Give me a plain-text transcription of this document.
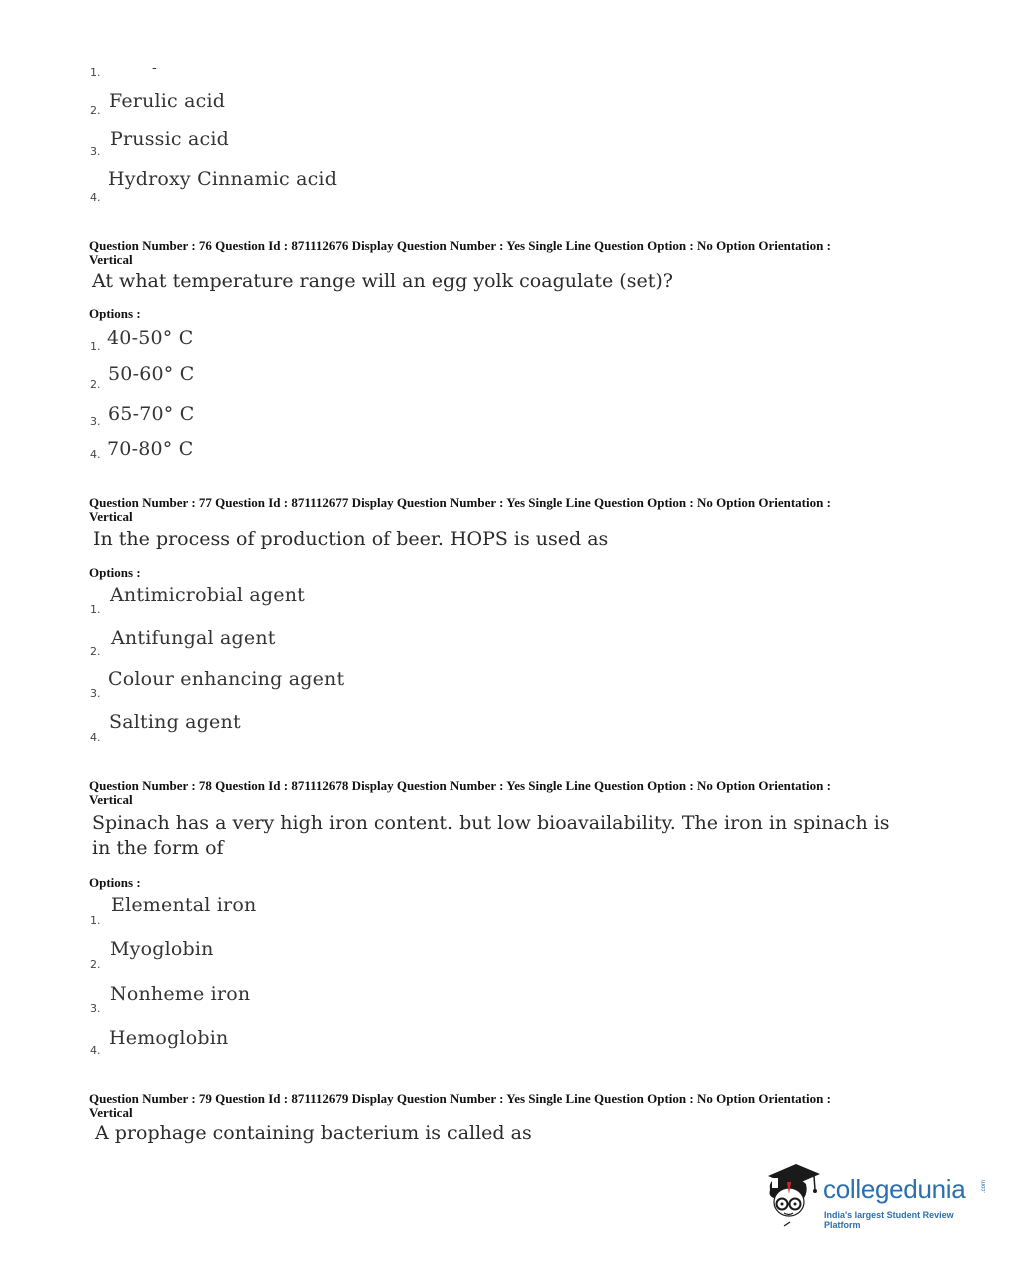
1.	-
2. Ferulic acid
3.
Prussic acid
4.
Hydroxy Cinnamic acid
Question Number : 76 Question Id : 871112676 Display Question Number : Yes Single Line Question Option : No Option Orientation : Vertical
At what temperature range will an egg yolk coagulate (set)?
Options :
1. 40-50° C
2. 50-60° C
3. 65-70° C
4. 70-80° C
Question Number : 77 Question Id : 871112677 Display Question Number : Yes Single Line Question Option : No Option Orientation : Vertical
In the process of production of beer. HOPS is used as
Options :
1.
Antimicrobial agent
2.
Antifungal agent
3.
Colour enhancing agent
4.
Salting agent
Question Number : 78 Question Id : 871112678 Display Question Number : Yes Single Line Question Option : No Option Orientation : Vertical
Spinach has a very high iron content. but low bioavailability. The iron in spinach is in the form of
Options :
1.
Elemental iron
2.
Myoglobin
3.
Nonheme iron
4.
Hemoglobin
Question Number : 79 Question Id : 871112679 Display Question Number : Yes Single Line Question Option : No Option Orientation : Vertical
A prophage containing bacterium is called as
collegedunia	.com
India's largest Student Review Platform
